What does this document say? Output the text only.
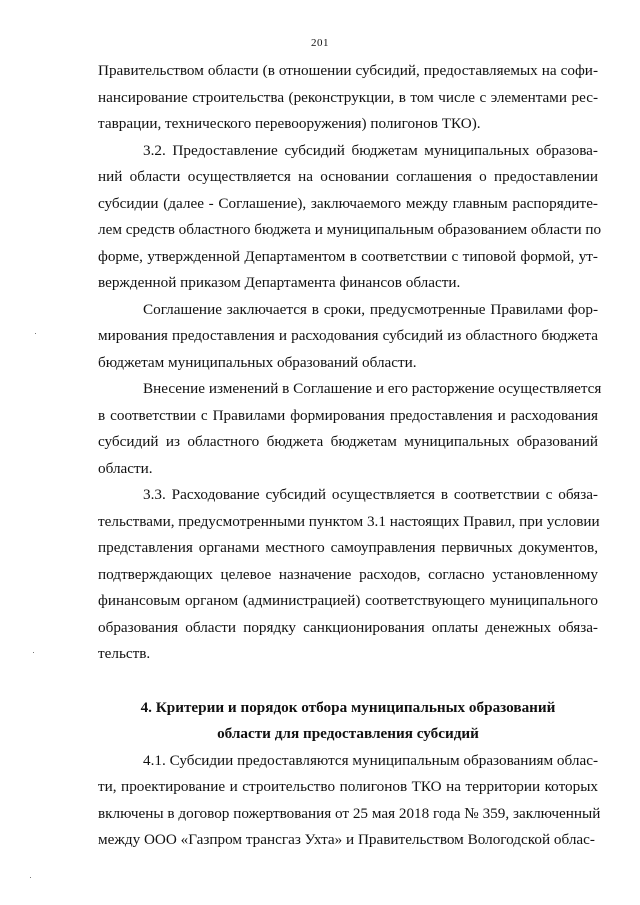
201

Правительством области (в отношении субсидий, предоставляемых на софи-
нансирование строительства (реконструкции, в том числе с элементами рес-
таврации, технического перевооружения) полигонов ТКО).

3.2. Предоставление субсидий бюджетам муниципальных образова-
ний области осуществляется на основании соглашения о предоставлении
субсидии (далее - Соглашение), заключаемого между главным распорядите-
лем средств областного бюджета и муниципальным образованием области по
форме, утвержденной Департаментом в соответствии с типовой формой, ут-
вержденной приказом Департамента финансов области.

Соглашение заключается в сроки, предусмотренные Правилами фор-
мирования предоставления и расходования субсидий из областного бюджета
бюджетам муниципальных образований области.

Внесение изменений в Соглашение и его расторжение осуществляется
в соответствии с Правилами формирования предоставления и расходования
субсидий из областного бюджета бюджетам муниципальных образований
области.

3.3. Расходование субсидий осуществляется в соответствии с обяза-
тельствами, предусмотренными пунктом 3.1 настоящих Правил, при условии
представления органами местного самоуправления первичных документов,
подтверждающих целевое назначение расходов, согласно установленному
финансовым органом (администрацией) соответствующего муниципального
образования области порядку санкционирования оплаты денежных обяза-
тельств.

4. Критерии и порядок отбора муниципальных образований
области для предоставления субсидий

4.1. Субсидии предоставляются муниципальным образованиям облас-
ти, проектирование и строительство полигонов ТКО на территории которых
включены в договор пожертвования от 25 мая 2018 года № 359, заключенный
между ООО «Газпром трансгаз Ухта» и Правительством Вологодской облас-
